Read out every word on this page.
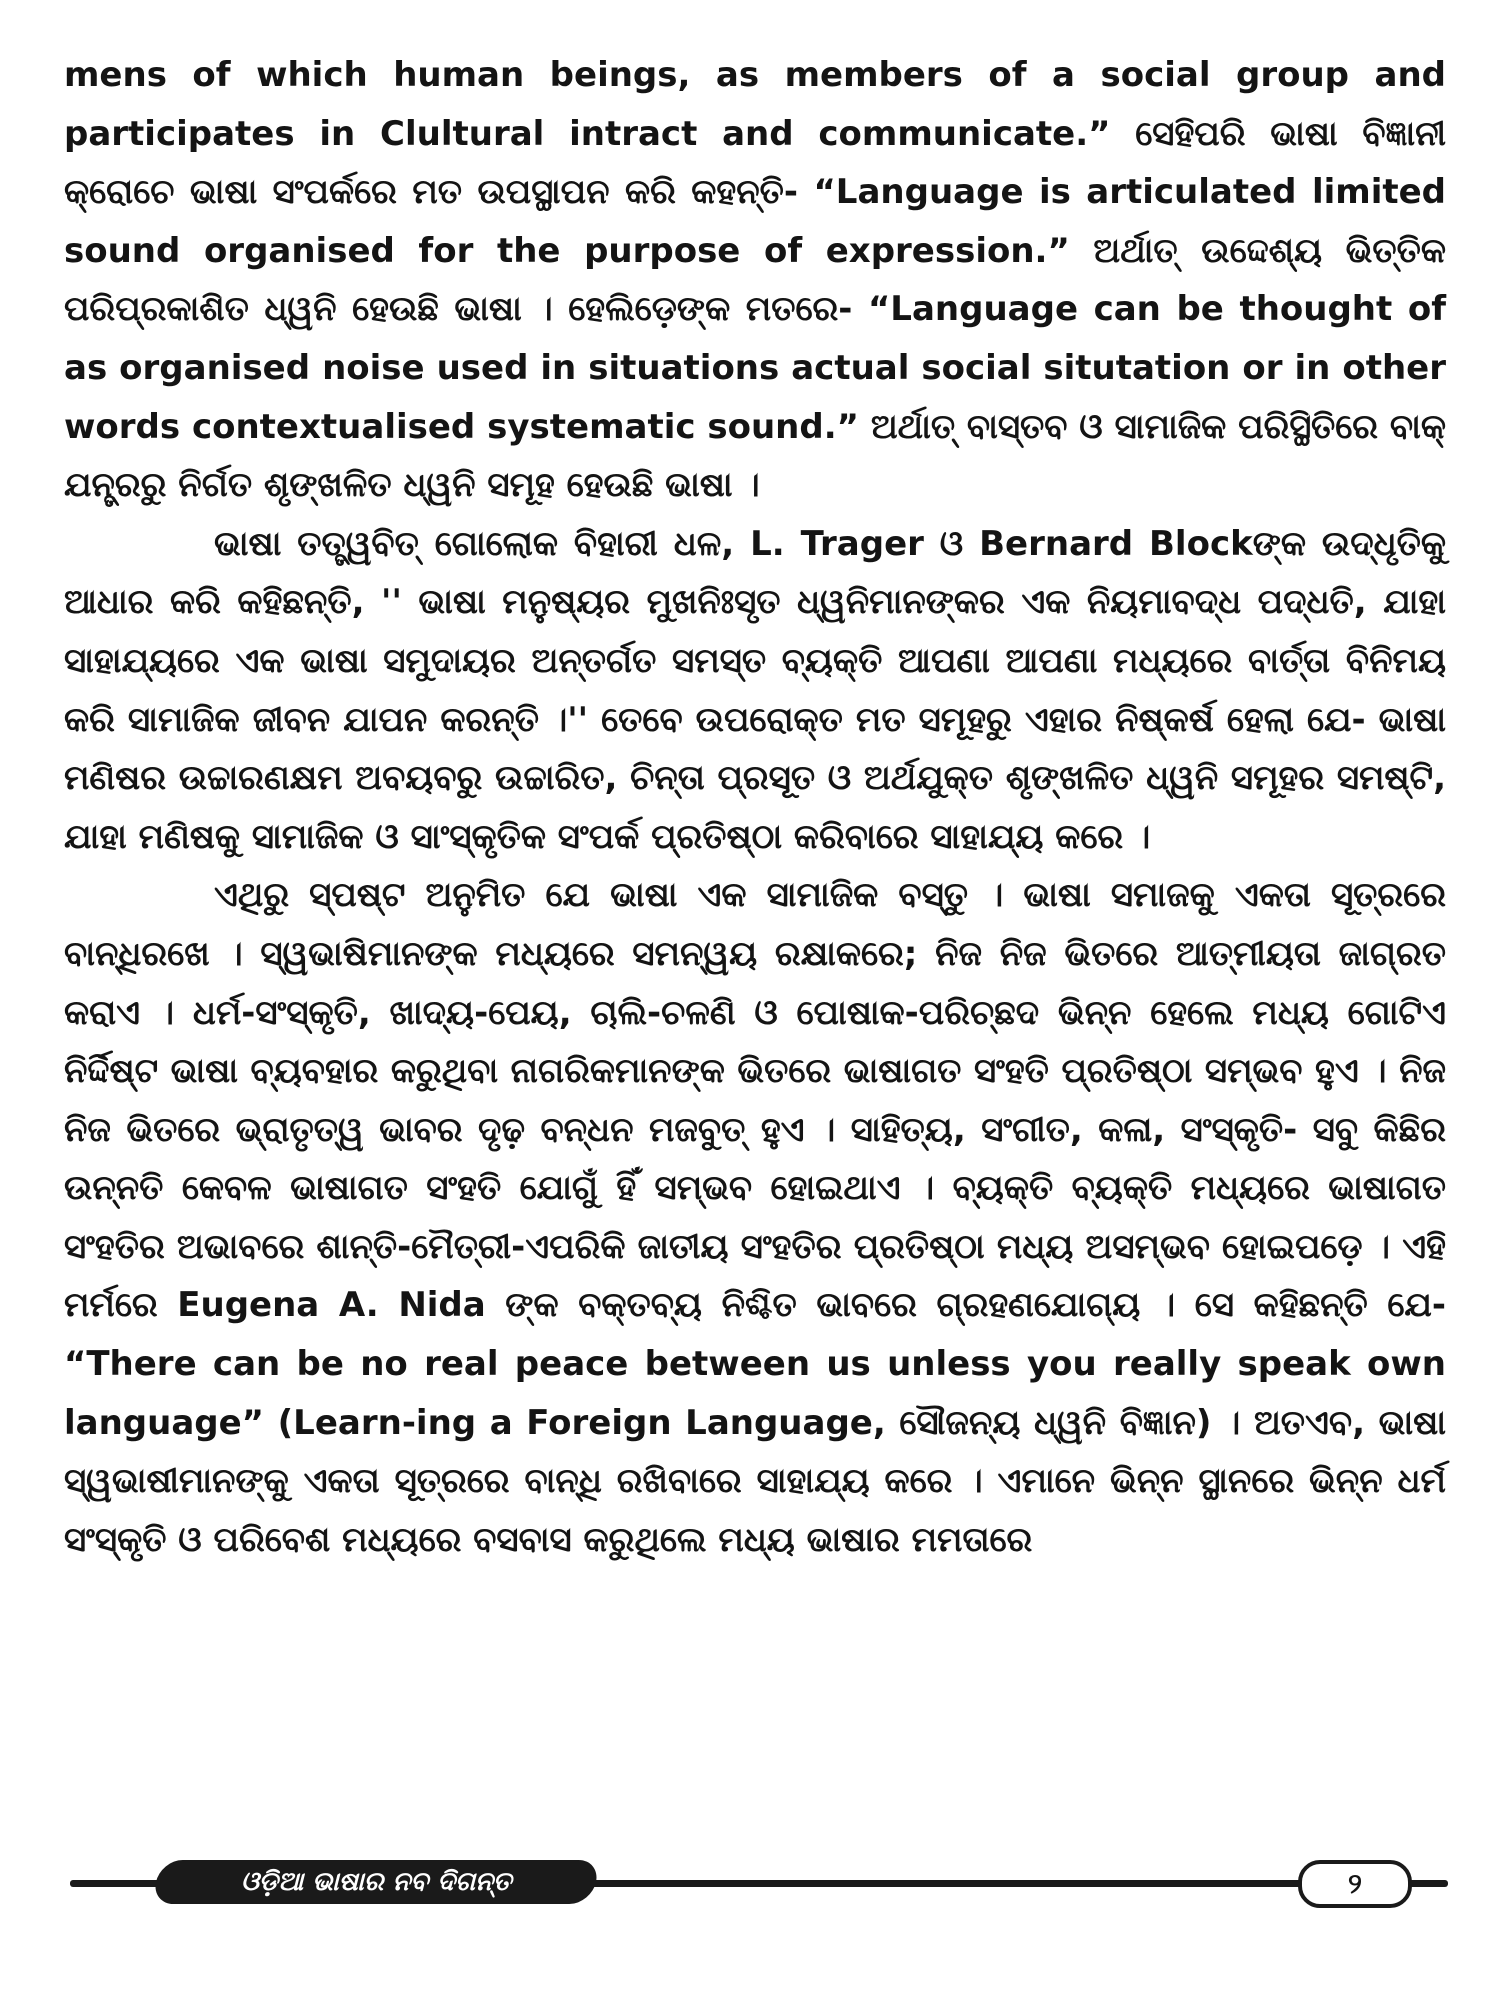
mens of which human beings, as members of a social group and participates in Clultural intract and communicate.” ସେହିପରି ଭାଷା ବିଜ୍ଞାନୀ କ୍ରୋଚେ ଭାଷା ସଂପର୍କରେ ମତ ଉପସ୍ଥାପନ କରି କହନ୍ତି- “Language is articulated limited sound organised for the purpose of expression.” ଅର୍ଥାତ୍ ଉଦ୍ଦେଶ୍ୟ ଭିତ୍ତିକ ପରିପ୍ରକାଶିତ ଧ୍ୱନି ହେଉଛି ଭାଷା । ହେଲିଡ଼େଙ୍କ ମତରେ- “Language can be thought of as organised noise used in situations actual social situtation or in other words contextualised systematic sound.” ଅର୍ଥାତ୍ ବାସ୍ତବ ଓ ସାମାଜିକ ପରିସ୍ଥିତିରେ ବାକ୍ ଯନ୍ତ୍ରରୁ ନିର୍ଗତ ଶୃଙ୍ଖଳିତ ଧ୍ୱନି ସମୂହ ହେଉଛି ଭାଷା ।

ଭାଷା ତତ୍ତ୍ୱବିତ୍ ଗୋଲୋକ ବିହାରୀ ଧଳ, L. Trager ଓ Bernard Blockଙ୍କ ଉଦ୍ଧୃତିକୁ ଆଧାର କରି କହିଛନ୍ତି, '' ଭାଷା ମନୁଷ୍ୟର ମୁଖନିଃସୃତ ଧ୍ୱନିମାନଙ୍କର ଏକ ନିୟମାବଦ୍ଧ ପଦ୍ଧତି, ଯାହା ସାହାଯ୍ୟରେ ଏକ ଭାଷା ସମୁଦାୟର ଅନ୍ତର୍ଗତ ସମସ୍ତ ବ୍ୟକ୍ତି ଆପଣା ଆପଣା ମଧ୍ୟରେ ବାର୍ତ୍ତା ବିନିମୟ କରି ସାମାଜିକ ଜୀବନ ଯାପନ କରନ୍ତି ।'' ତେବେ ଉପରୋକ୍ତ ମତ ସମୂହରୁ ଏହାର ନିଷ୍କର୍ଷ ହେଲା ଯେ- ଭାଷା ମଣିଷର ଉଚ୍ଚାରଣକ୍ଷମ ଅବୟବରୁ ଉଚ୍ଚାରିତ, ଚିନ୍ତା ପ୍ରସୂତ ଓ ଅର୍ଥଯୁକ୍ତ ଶୃଙ୍ଖଳିତ ଧ୍ୱନି ସମୂହର ସମଷ୍ଟି, ଯାହା ମଣିଷକୁ ସାମାଜିକ ଓ ସାଂସ୍କୃତିକ ସଂପର୍କ ପ୍ରତିଷ୍ଠା କରିବାରେ ସାହାଯ୍ୟ କରେ ।

ଏଥିରୁ ସ୍ପଷ୍ଟ ଅନୁମିତ ଯେ ଭାଷା ଏକ ସାମାଜିକ ବସ୍ତୁ । ଭାଷା ସମାଜକୁ ଏକତା ସୂତ୍ରରେ ବାନ୍ଧିରଖେ । ସ୍ୱଭାଷିମାନଙ୍କ ମଧ୍ୟରେ ସମନ୍ୱୟ ରକ୍ଷାକରେ; ନିଜ ନିଜ ଭିତରେ ଆତ୍ମୀୟତା ଜାଗ୍ରତ କରାଏ । ଧର୍ମ-ସଂସ୍କୃତି, ଖାଦ୍ୟ-ପେୟ, ଚାଲି-ଚଳଣି ଓ ପୋଷାକ-ପରିଚ୍ଛଦ ଭିନ୍ନ ହେଲେ ମଧ୍ୟ ଗୋଟିଏ ନିର୍ଦ୍ଦିଷ୍ଟ ଭାଷା ବ୍ୟବହାର କରୁଥିବା ନାଗରିକମାନଙ୍କ ଭିତରେ ଭାଷାଗତ ସଂହତି ପ୍ରତିଷ୍ଠା ସମ୍ଭବ ହୁଏ । ନିଜ ନିଜ ଭିତରେ ଭ୍ରାତୃତ୍ୱ ଭାବର ଦୃଢ଼ ବନ୍ଧନ ମଜବୁତ୍ ହୁଏ । ସାହିତ୍ୟ, ସଂଗୀତ, କଳା, ସଂସ୍କୃତି- ସବୁ କିଛିର ଉନ୍ନତି କେବଳ ଭାଷାଗତ ସଂହତି ଯୋଗୁଁ ହିଁ ସମ୍ଭବ ହୋଇଥାଏ । ବ୍ୟକ୍ତି ବ୍ୟକ୍ତି ମଧ୍ୟରେ ଭାଷାଗତ ସଂହତିର ଅଭାବରେ ଶାନ୍ତି-ମୈତ୍ରୀ-ଏପରିକି ଜାତୀୟ ସଂହତିର ପ୍ରତିଷ୍ଠା ମଧ୍ୟ ଅସମ୍ଭବ ହୋଇପଡ଼େ । ଏହି ମର୍ମରେ Eugena A. Nida ଙ୍କ ବକ୍ତବ୍ୟ ନିଶ୍ଚିତ ଭାବରେ ଗ୍ରହଣଯୋଗ୍ୟ । ସେ କହିଛନ୍ତି ଯେ- “There can be no real peace between us unless you really speak own language” (Learn-ing a Foreign Language, ସୌଜନ୍ୟ ଧ୍ୱନି ବିଜ୍ଞାନ) । ଅତଏବ, ଭାଷା ସ୍ୱଭାଷୀମାନଙ୍କୁ ଏକତା ସୂତ୍ରରେ ବାନ୍ଧି ରଖିବାରେ ସାହାଯ୍ୟ କରେ । ଏମାନେ ଭିନ୍ନ ସ୍ଥାନରେ ଭିନ୍ନ ଧର୍ମ ସଂସ୍କୃତି ଓ ପରିବେଶ ମଧ୍ୟରେ ବସବାସ କରୁଥିଲେ ମଧ୍ୟ ଭାଷାର ମମତାରେ

ଓଡ଼ିଆ ଭାଷାର ନବ ଦିଗନ୍ତ	୨
